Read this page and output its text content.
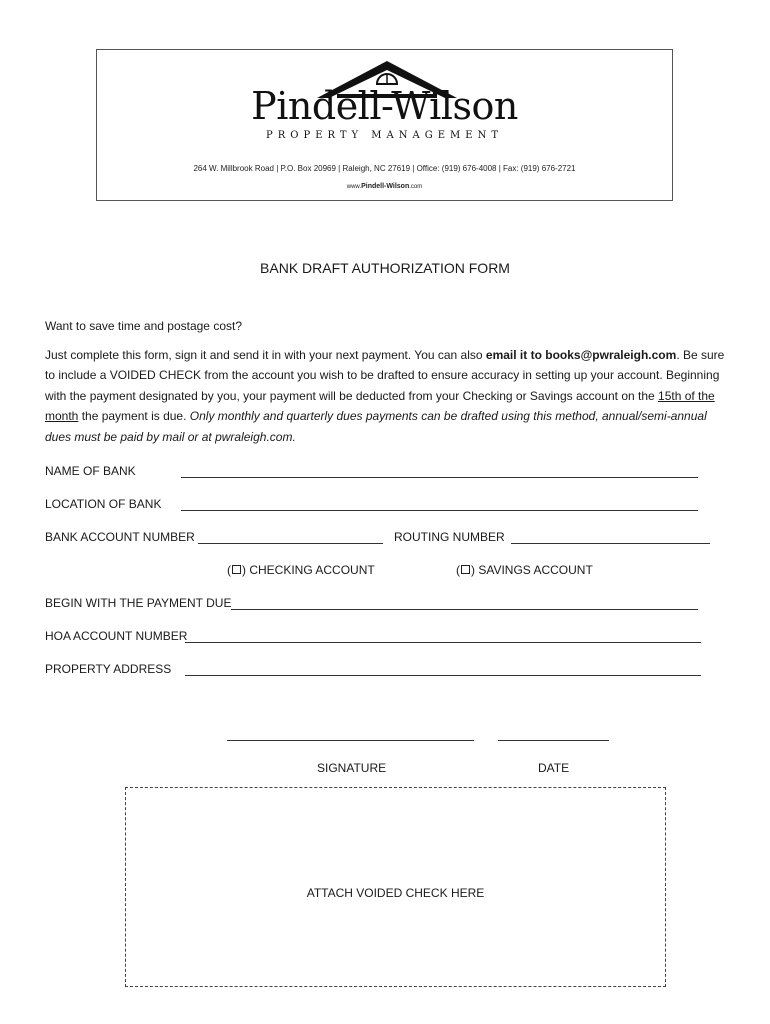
Pindell-Wilson
PROPERTY MANAGEMENT
264 W. Millbrook Road | P.O. Box 20969 | Raleigh, NC 27619 | Office: (919) 676-4008 | Fax: (919) 676-2721
www.Pindell-Wilson.com
BANK DRAFT AUTHORIZATION FORM
Want to save time and postage cost?
Just complete this form, sign it and send it in with your next payment. You can also email it to books@pwraleigh.com. Be sure to include a VOIDED CHECK from the account you wish to be drafted to ensure accuracy in setting up your account. Beginning with the payment designated by you, your payment will be deducted from your Checking or Savings account on the 15th of the month the payment is due. Only monthly and quarterly dues payments can be drafted using this method, annual/semi-annual dues must be paid by mail or at pwraleigh.com.
NAME OF BANK
LOCATION OF BANK
BANK ACCOUNT NUMBER	ROUTING NUMBER
( ) CHECKING ACCOUNT	( ) SAVINGS ACCOUNT
BEGIN WITH THE PAYMENT DUE
HOA ACCOUNT NUMBER
PROPERTY ADDRESS
SIGNATURE	DATE
ATTACH VOIDED CHECK HERE
